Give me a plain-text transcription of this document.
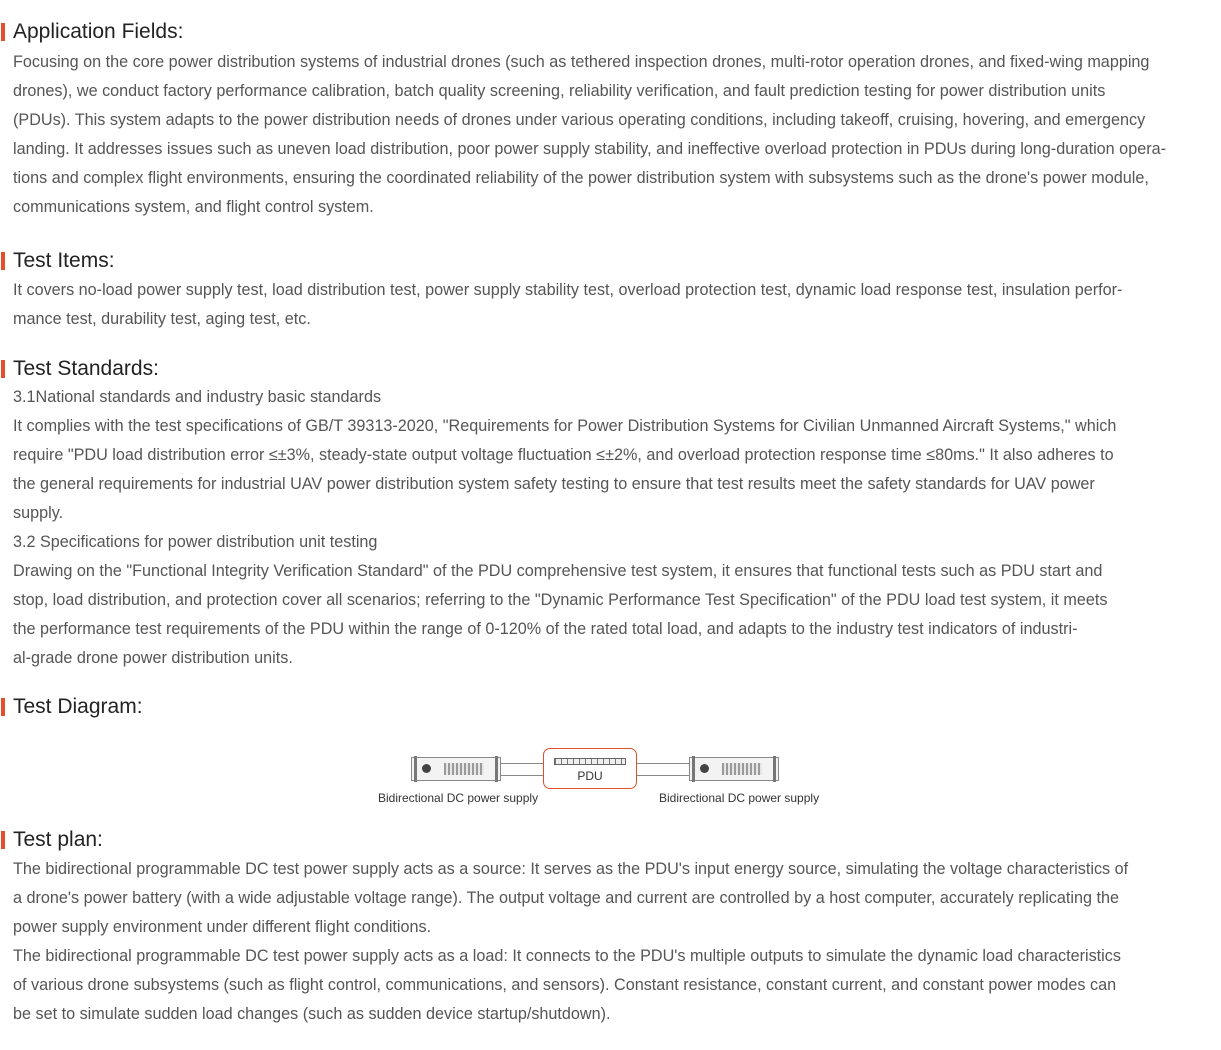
Application Fields:

Focusing on the core power distribution systems of industrial drones (such as tethered inspection drones, multi-rotor operation drones, and fixed-wing mapping
drones), we conduct factory performance calibration, batch quality screening, reliability verification, and fault prediction testing for power distribution units
(PDUs). This system adapts to the power distribution needs of drones under various operating conditions, including takeoff, cruising, hovering, and emergency
landing. It addresses issues such as uneven load distribution, poor power supply stability, and ineffective overload protection in PDUs during long-duration opera-
tions and complex flight environments, ensuring the coordinated reliability of the power distribution system with subsystems such as the drone's power module,
communications system, and flight control system.

Test Items:

It covers no-load power supply test, load distribution test, power supply stability test, overload protection test, dynamic load response test, insulation perfor-
mance test, durability test, aging test, etc.

Test Standards:

3.1National standards and industry basic standards
It complies with the test specifications of GB/T 39313-2020, "Requirements for Power Distribution Systems for Civilian Unmanned Aircraft Systems," which
require "PDU load distribution error ≤±3%, steady-state output voltage fluctuation ≤±2%, and overload protection response time ≤80ms." It also adheres to
the general requirements for industrial UAV power distribution system safety testing to ensure that test results meet the safety standards for UAV power
supply.
3.2 Specifications for power distribution unit testing
Drawing on the "Functional Integrity Verification Standard" of the PDU comprehensive test system, it ensures that functional tests such as PDU start and
stop, load distribution, and protection cover all scenarios; referring to the "Dynamic Performance Test Specification" of the PDU load test system, it meets
the performance test requirements of the PDU within the range of 0-120% of the rated total load, and adapts to the industry test indicators of industri-
al-grade drone power distribution units.

Test Diagram:
PDU
Bidirectional DC power supply	Bidirectional DC power supply
Test plan:

The bidirectional programmable DC test power supply acts as a source: It serves as the PDU's input energy source, simulating the voltage characteristics of
a drone's power battery (with a wide adjustable voltage range). The output voltage and current are controlled by a host computer, accurately replicating the
power supply environment under different flight conditions.
The bidirectional programmable DC test power supply acts as a load: It connects to the PDU's multiple outputs to simulate the dynamic load characteristics
of various drone subsystems (such as flight control, communications, and sensors). Constant resistance, constant current, and constant power modes can
be set to simulate sudden load changes (such as sudden device startup/shutdown).
